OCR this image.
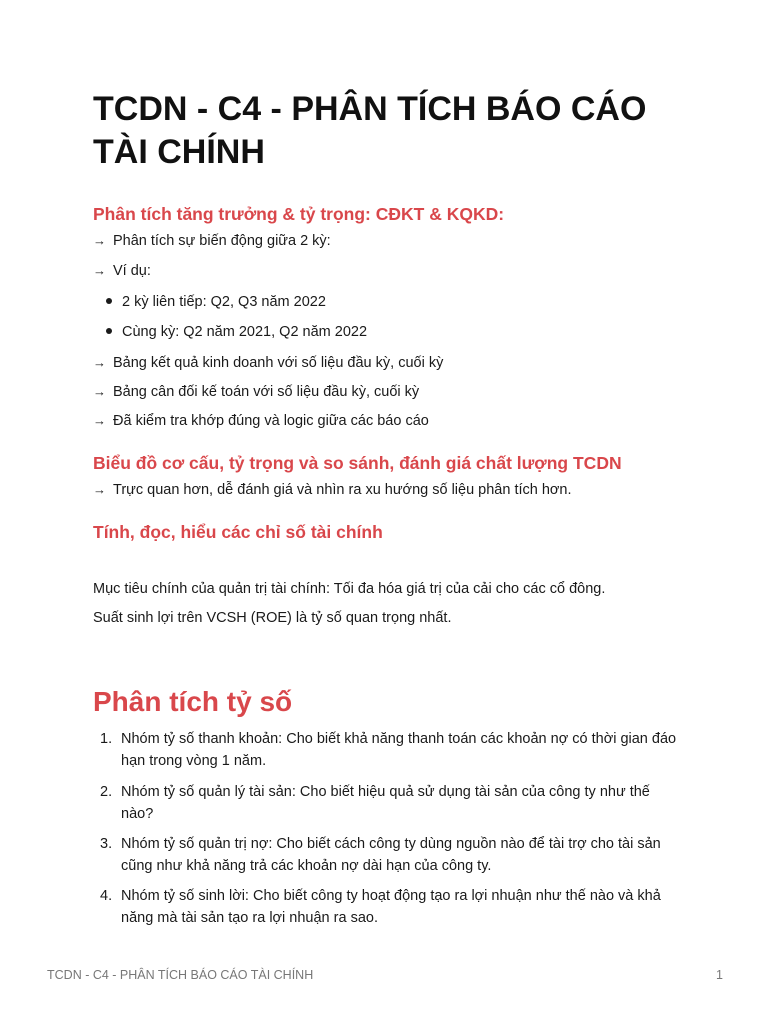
TCDN - C4 - PHÂN TÍCH BÁO CÁO TÀI CHÍNH
Phân tích tăng trưởng & tỷ trọng: CĐKT & KQKD:
→ Phân tích sự biến động giữa 2 kỳ:
→ Ví dụ:
2 kỳ liên tiếp: Q2, Q3 năm 2022
Cùng kỳ: Q2 năm 2021, Q2 năm 2022
→ Bảng kết quả kinh doanh với số liệu đầu kỳ, cuối kỳ
→ Bảng cân đối kế toán với số liệu đầu kỳ, cuối kỳ
→ Đã kiểm tra khớp đúng và logic giữa các báo cáo
Biểu đồ cơ cấu, tỷ trọng và so sánh, đánh giá chất lượng TCDN
→ Trực quan hơn, dễ đánh giá và nhìn ra xu hướng số liệu phân tích hơn.
Tính, đọc, hiểu các chỉ số tài chính
Mục tiêu chính của quản trị tài chính: Tối đa hóa giá trị của cải cho các cổ đông.
Suất sinh lợi trên VCSH (ROE) là tỷ số quan trọng nhất.
Phân tích tỷ số
1. Nhóm tỷ số thanh khoản: Cho biết khả năng thanh toán các khoản nợ có thời gian đáo hạn trong vòng 1 năm.
2. Nhóm tỷ số quản lý tài sản: Cho biết hiệu quả sử dụng tài sản của công ty như thế nào?
3. Nhóm tỷ số quản trị nợ: Cho biết cách công ty dùng nguồn nào để tài trợ cho tài sản cũng như khả năng trả các khoản nợ dài hạn của công ty.
4. Nhóm tỷ số sinh lời: Cho biết công ty hoạt động tạo ra lợi nhuận như thế nào và khả năng mà tài sản tạo ra lợi nhuận ra sao.
TCDN - C4 - PHÂN TÍCH BÁO CÁO TÀI CHÍNH	1
